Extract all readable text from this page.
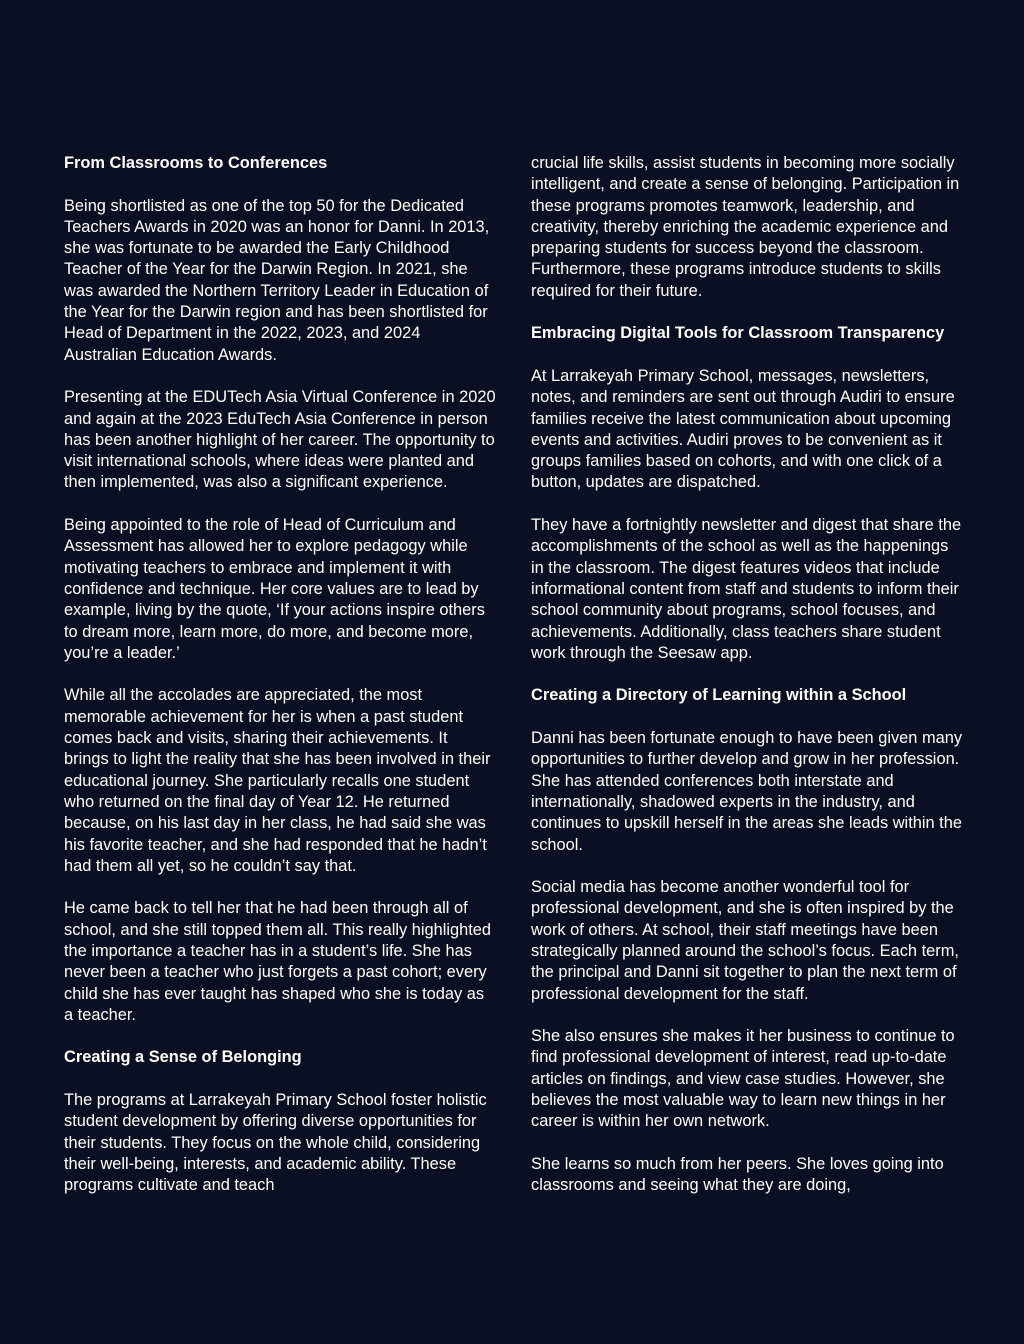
From Classrooms to Conferences

Being shortlisted as one of the top 50 for the Dedicated Teachers Awards in 2020 was an honor for Danni. In 2013, she was fortunate to be awarded the Early Childhood Teacher of the Year for the Darwin Region. In 2021, she was awarded the Northern Territory Leader in Education of the Year for the Darwin region and has been shortlisted for Head of Department in the 2022, 2023, and 2024 Australian Education Awards.

Presenting at the EDUTech Asia Virtual Conference in 2020 and again at the 2023 EduTech Asia Conference in person has been another highlight of her career. The opportunity to visit international schools, where ideas were planted and then implemented, was also a significant experience.

Being appointed to the role of Head of Curriculum and Assessment has allowed her to explore pedagogy while motivating teachers to embrace and implement it with confidence and technique. Her core values are to lead by example, living by the quote, ‘If your actions inspire others to dream more, learn more, do more, and become more, you’re a leader.’

While all the accolades are appreciated, the most memorable achievement for her is when a past student comes back and visits, sharing their achievements. It brings to light the reality that she has been involved in their educational journey. She particularly recalls one student who returned on the final day of Year 12. He returned because, on his last day in her class, he had said she was his favorite teacher, and she had responded that he hadn’t had them all yet, so he couldn’t say that.

He came back to tell her that he had been through all of school, and she still topped them all. This really highlighted the importance a teacher has in a student’s life. She has never been a teacher who just forgets a past cohort; every child she has ever taught has shaped who she is today as a teacher.

Creating a Sense of Belonging

The programs at Larrakeyah Primary School foster holistic student development by offering diverse opportunities for their students. They focus on the whole child, considering their well-being, interests, and academic ability. These programs cultivate and teach

crucial life skills, assist students in becoming more socially intelligent, and create a sense of belonging. Participation in these programs promotes teamwork, leadership, and creativity, thereby enriching the academic experience and preparing students for success beyond the classroom. Furthermore, these programs introduce students to skills required for their future.

Embracing Digital Tools for Classroom Transparency

At Larrakeyah Primary School, messages, newsletters, notes, and reminders are sent out through Audiri to ensure families receive the latest communication about upcoming events and activities. Audiri proves to be convenient as it groups families based on cohorts, and with one click of a button, updates are dispatched.

They have a fortnightly newsletter and digest that share the accomplishments of the school as well as the happenings in the classroom. The digest features videos that include informational content from staff and students to inform their school community about programs, school focuses, and achievements. Additionally, class teachers share student work through the Seesaw app.

Creating a Directory of Learning within a School

Danni has been fortunate enough to have been given many opportunities to further develop and grow in her profession. She has attended conferences both interstate and internationally, shadowed experts in the industry, and continues to upskill herself in the areas she leads within the school.

Social media has become another wonderful tool for professional development, and she is often inspired by the work of others. At school, their staff meetings have been strategically planned around the school’s focus. Each term, the principal and Danni sit together to plan the next term of professional development for the staff.

She also ensures she makes it her business to continue to find professional development of interest, read up-to-date articles on findings, and view case studies. However, she believes the most valuable way to learn new things in her career is within her own network.

She learns so much from her peers. She loves going into classrooms and seeing what they are doing,
